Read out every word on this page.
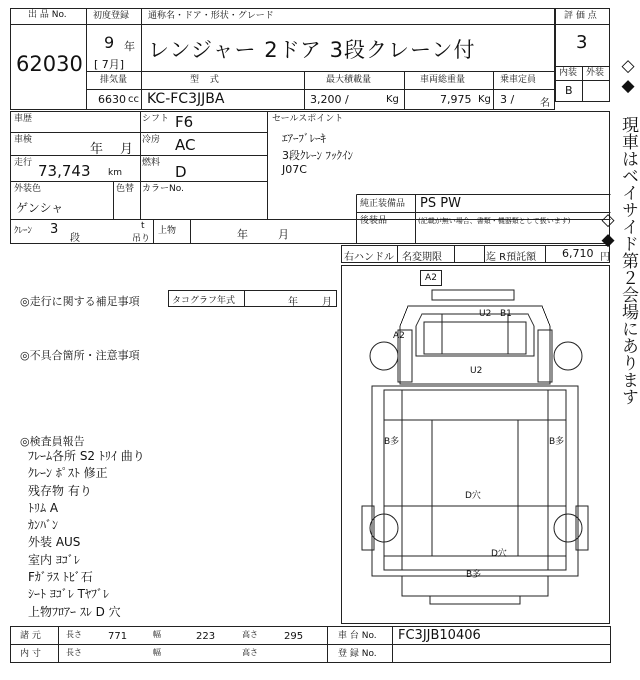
出 品 No.
62030
初度登録 通称名・ドア・形状・グレード
9 年
[ 7月]
レンジャー 2ドア 3段クレーン付
評 価 点
3
内装 外装
B
排気量	型 式	最大積載量	車両総重量	乗車定員
6630 cc KC-FC3JJBA	3,200 /	Kg	7,975 Kg 3 /	名
車歴	シフト F6
車検
年 月
冷房 AC
走行 73,743 km
燃料 D
外装色	色替 カラーNo.
ゲンシャ
ｸﾚｰﾝ 3
段
t
吊り
上物	年	月
セールスポイント
ｴｱｰﾌﾞﾚｰｷ
3段ｸﾚｰﾝ ﾌｯｸｲﾝ
J07C
純正装備品 PS PW
後装品	(記載が無い場合、書類・機器類として扱います)
右ハンドル 名変期限	迄 R預託額 6,710 円
◎走行に関する補足事項	タコグラフ年式	年 月
◎不具合箇所・注意事項
◎検査員報告
ﾌﾚｰﾑ各所 S2 ﾄﾘｲ 曲り
ｸﾚｰﾝ ﾎﾟｽﾄ 修正
残存物 有り
ﾄﾘﾑ A
ｶﾝﾊﾞﾝ
外装 AUS
室内 ﾖｺﾞﾚ
Fｶﾞﾗｽ ﾄﾋﾞ石
ｼｰﾄ ﾖｺﾞﾚ Tﾔﾌﾞﾚ
上物ﾌﾛｱｰ ｽﾚ D 穴
A2
U2 B1
A2
U2
B多	B多
D穴
D穴
B多
諸 元	長さ	771	幅	223	高さ	295	車 台 No. FC3JJB10406
内 寸	長さ	幅	高さ	登 録 No.
◇◆ 現車はベイサイド第２会場にあります ◇◆
